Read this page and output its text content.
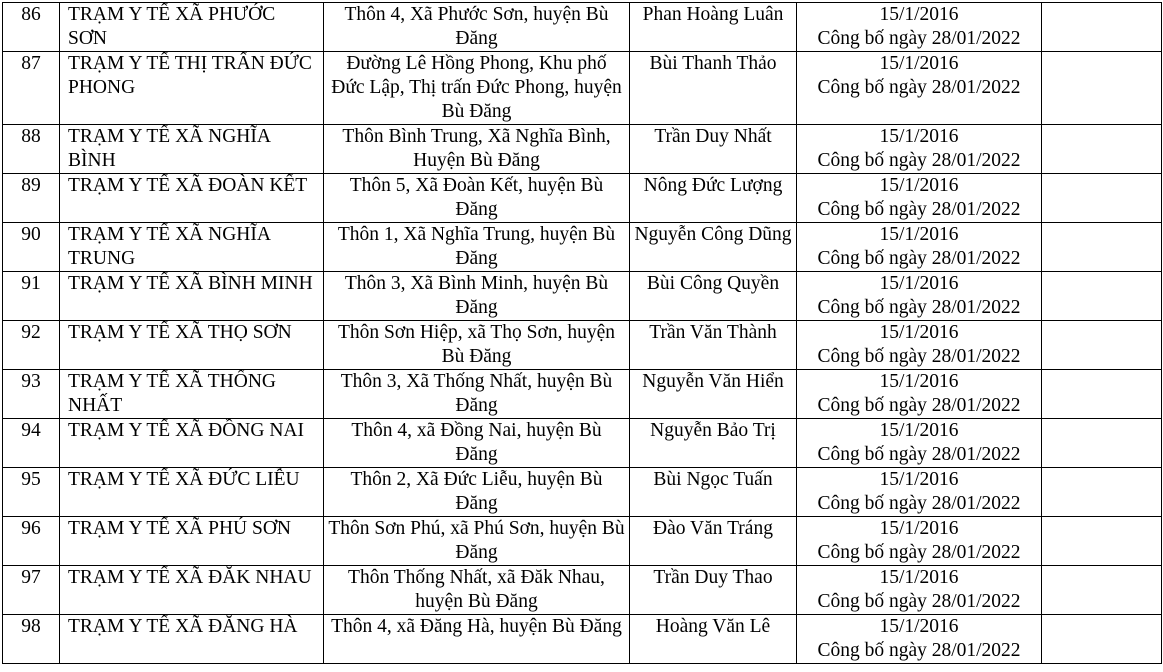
86	TRẠM Y TẾ XÃ PHƯỚC SƠN	Thôn 4, Xã Phước Sơn, huyện Bù Đăng	Phan Hoàng Luân	15/1/2016
Công bố ngày 28/01/2022	

87	TRẠM Y TẾ THỊ TRẤN ĐỨC PHONG	Đường Lê Hồng Phong, Khu phố Đức Lập, Thị trấn Đức Phong, huyện Bù Đăng	Bùi Thanh Thảo	15/1/2016
Công bố ngày 28/01/2022	

88	TRẠM Y TẾ XÃ NGHĨA BÌNH	Thôn Bình Trung, Xã Nghĩa Bình, Huyện Bù Đăng	Trần Duy Nhất	15/1/2016
Công bố ngày 28/01/2022	

89	TRẠM Y TẾ XÃ ĐOÀN KẾT	Thôn 5, Xã Đoàn Kết, huyện Bù Đăng	Nông Đức Lượng	15/1/2016
Công bố ngày 28/01/2022	

90	TRẠM Y TẾ XÃ NGHĨA TRUNG	Thôn 1, Xã Nghĩa Trung, huyện Bù Đăng	Nguyễn Công Dũng	15/1/2016
Công bố ngày 28/01/2022	

91	TRẠM Y TẾ XÃ BÌNH MINH	Thôn 3, Xã Bình Minh, huyện Bù Đăng	Bùi Công Quyền	15/1/2016
Công bố ngày 28/01/2022	

92	TRẠM Y TẾ XÃ THỌ SƠN	Thôn Sơn Hiệp, xã Thọ Sơn, huyện Bù Đăng	Trần Văn Thành	15/1/2016
Công bố ngày 28/01/2022	

93	TRẠM Y TẾ XÃ THỐNG NHẤT	Thôn 3, Xã Thống Nhất, huyện Bù Đăng	Nguyễn Văn Hiển	15/1/2016
Công bố ngày 28/01/2022	

94	TRẠM Y TẾ XÃ ĐỒNG NAI	Thôn 4, xã Đồng Nai, huyện Bù Đăng	Nguyễn Bảo Trị	15/1/2016
Công bố ngày 28/01/2022	

95	TRẠM Y TẾ XÃ ĐỨC LIỄU	Thôn 2, Xã Đức Liễu, huyện Bù Đăng	Bùi Ngọc Tuấn	15/1/2016
Công bố ngày 28/01/2022	

96	TRẠM Y TẾ XÃ PHÚ SƠN	Thôn Sơn Phú, xã Phú Sơn, huyện Bù Đăng	Đào Văn Tráng	15/1/2016
Công bố ngày 28/01/2022	

97	TRẠM Y TẾ XÃ ĐĂK NHAU	Thôn Thống Nhất, xã Đăk Nhau, huyện Bù Đăng	Trần Duy Thao	15/1/2016
Công bố ngày 28/01/2022	

98	TRẠM Y TẾ XÃ ĐĂNG HÀ	Thôn 4, xã Đăng Hà, huyện Bù Đăng	Hoàng Văn Lê	15/1/2016
Công bố ngày 28/01/2022	
